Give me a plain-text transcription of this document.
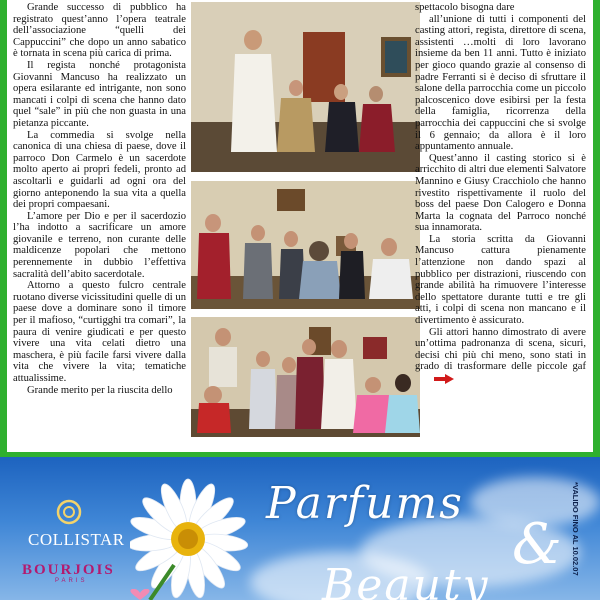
Grande successo di pubblico ha registrato quest’anno l’opera teatrale dell’associazione “quelli dei Cappuccini” che dopo un anno sabatico è tornata in scena più carica di prima.

Il regista nonché protagonista Giovanni Mancuso ha realizzato un opera esilarante ed intrigante, non sono mancati i colpi di scena che hanno dato quel “sale” in più che non guasta in una pietanza piccante.

La commedia si svolge nella canonica di una chiesa di paese, dove il parroco Don Carmelo è un sacerdote molto aperto ai propri fedeli, pronto ad ascoltarli e guidarli ad ogni ora del giorno anteponendo la sua vita a quella dei propri compaesani.

L’amore per Dio e per il sacerdozio l’ha indotto a sacrificare un amore giovanile e terreno, non curante delle maldicenze popolari che mettono perennemente in dubbio l’effettiva sacralità dell’abito sacerdotale.

Attorno a questo fulcro centrale ruotano diverse vicissitudini quelle di un paese dove a dominare sono il timore per il mafioso, “curtigghi tra comari”, la paura di venire giudicati e per questo vivere una vita celati dietro una maschera, è più facile farsi vivere dalla vita che vivere la vita; tematiche attualissime.

Grande merito per la riuscita dello

spettacolo bisogna dare

all’unione di tutti i componenti del casting attori, regista, direttore di scena, assistenti …molti di loro lavorano insieme da ben 11 anni. Tutto è iniziato per gioco quando grazie al consenso di padre Ferranti si è deciso di sfruttare il salone della parrocchia come un piccolo palcoscenico dove esibirsi per la festa della famiglia, ricorrenza della parrocchia dei cappuccini che si svolge il 6 gennaio; da allora è il loro appuntamento annuale.

Quest’anno il casting storico si è arricchito di altri due elementi Salvatore Mannino e Giusy Cracchiolo che hanno rivestito rispettivamente il ruolo del boss del paese Don Calogero e Donna Marta la cognata del Parroco nonché sua innamorata.

La storia scritta da Giovanni Mancuso cattura pienamente l’attenzione non dando spazi al pubblico per distrazioni, riuscendo con grande abilità ha rimuovere l’interesse dello spettatore durante tutti e tre gli atti, i colpi di scena non mancano e il divertimento è assicurato.

Gli attori hanno dimostrato di avere un’ottima padronanza di scena, sicuri, decisi chi più chi meno, sono stati in grado di trasformare delle piccole gaf

COLLISTAR
BOURJOIS
PARIS
Parfums
&
Beauty
*VALIDO FINO AL 10.02.07
